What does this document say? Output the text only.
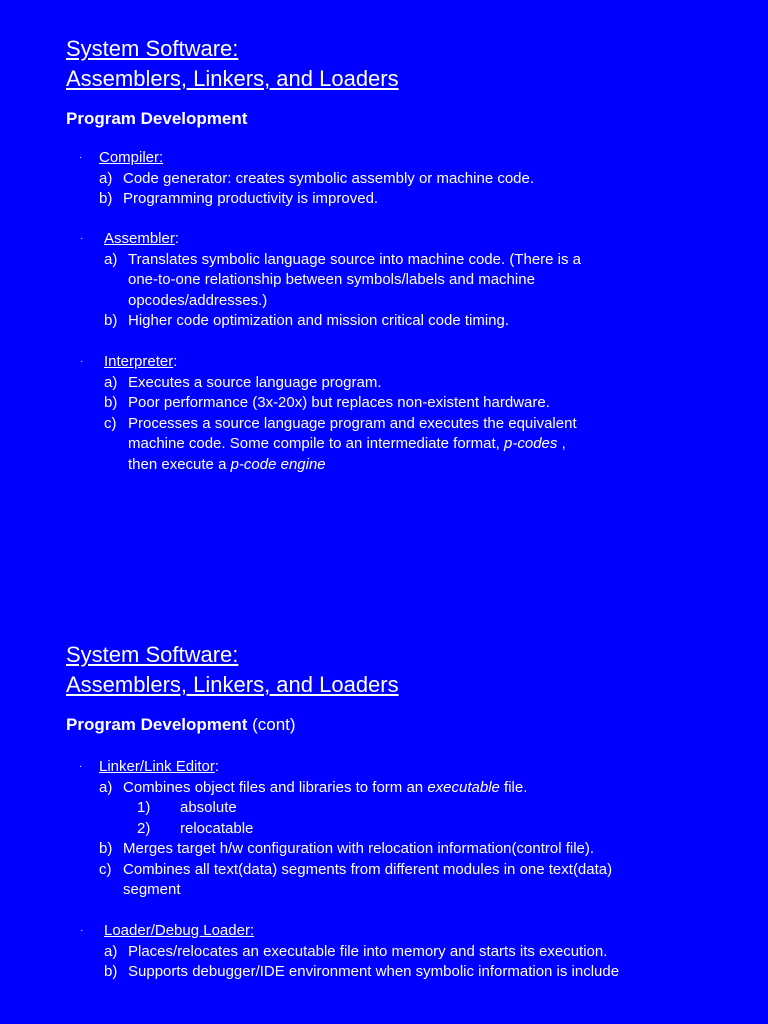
System Software:
Assemblers, Linkers, and Loaders
Program Development
· Compiler:
a) Code generator: creates symbolic assembly or machine code.
b) Programming productivity is improved.
· Assembler:
a) Translates symbolic language source into machine code. (There is a
one-to-one relationship between symbols/labels and machine
opcodes/addresses.)
b) Higher code optimization and mission critical code timing.
· Interpreter:
a) Executes a source language program.
b) Poor performance (3x-20x) but replaces non-existent hardware.
c) Processes a source language program and executes the equivalent
machine code. Some compile to an intermediate format, p-codes ,
then execute a p-code engine
System Software:
Assemblers, Linkers, and Loaders
Program Development (cont)
· Linker/Link Editor:
a) Combines object files and libraries to form an executable file.
1) absolute
2) relocatable
b) Merges target h/w configuration with relocation information(control file).
c) Combines all text(data) segments from different modules in one text(data)
segment
· Loader/Debug Loader:
a) Places/relocates an executable file into memory and starts its execution.
b) Supports debugger/IDE environment when symbolic information is include
